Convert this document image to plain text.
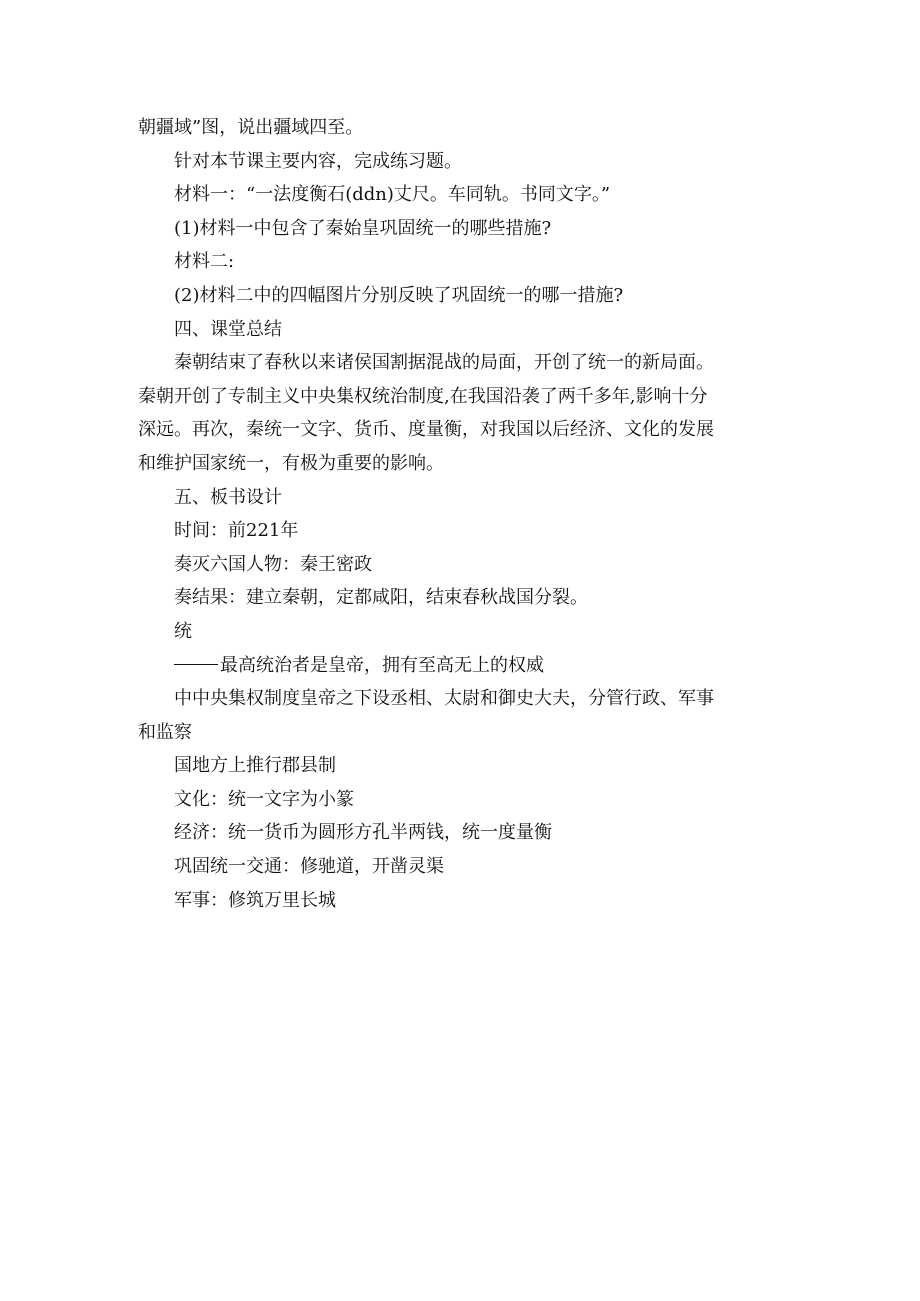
朝疆域”图，说出疆域四至。
针对本节课主要内容，完成练习题。
材料一：“一法度衡石(ddn)丈尺。车同轨。书同文字。”
(1)材料一中包含了秦始皇巩固统一的哪些措施?
材料二:
(2)材料二中的四幅图片分别反映了巩固统一的哪一措施?
四、课堂总结
秦朝结束了春秋以来诸侯国割据混战的局面，开创了统一的新局面。
秦朝开创了专制主义中央集权统治制度,在我国沿袭了两千多年,影响十分
深远。再次，秦统一文字、货币、度量衡，对我国以后经济、文化的发展
和维护国家统一，有极为重要的影响。
五、板书设计
时间：前221年
奏灭六国人物：秦王密政
奏结果：建立秦朝，定都咸阳，结束春秋战国分裂。
统
最高统治者是皇帝，拥有至高无上的权威
中中央集权制度皇帝之下设丞相、太尉和御史大夫，分管行政、军事
和监察
国地方上推行郡县制
文化：统一文字为小篆
经济：统一货币为圆形方孔半两钱，统一度量衡
巩固统一交通：修驰道，开凿灵渠
军事：修筑万里长城
